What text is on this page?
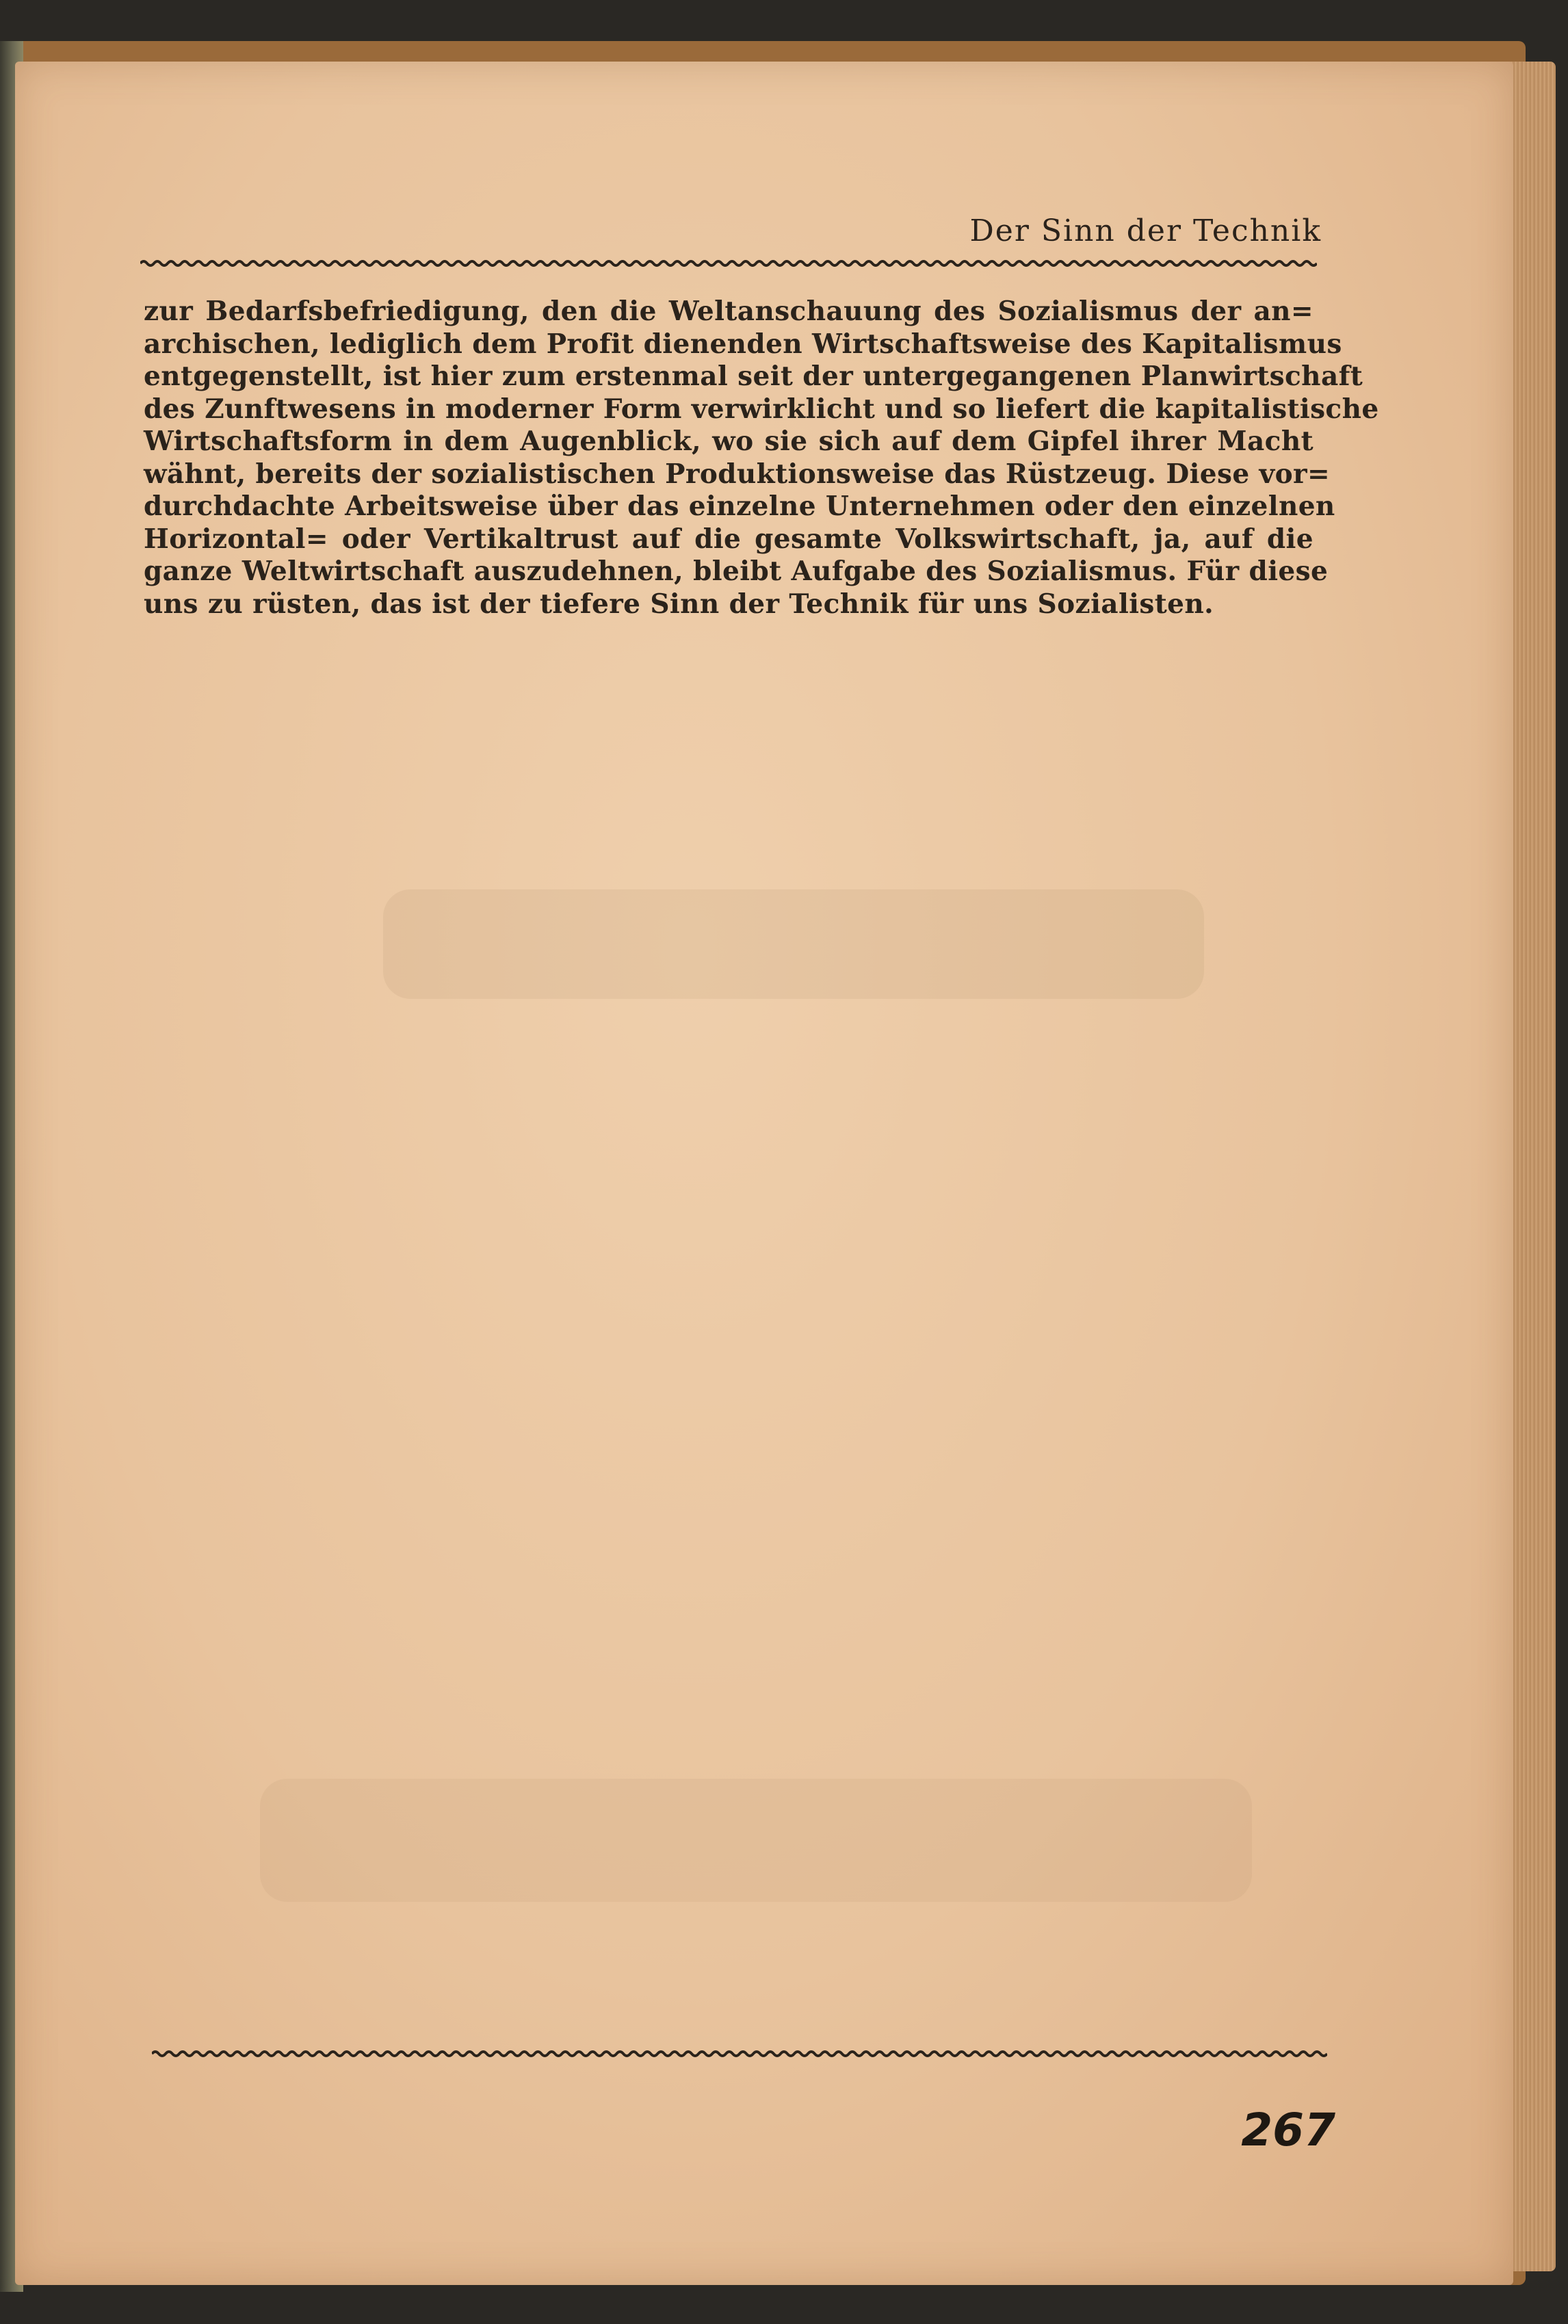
Der Sinn der Technik
zur Bedarfsbefriedigung, den die Weltanschauung des Sozialismus der an=
archischen, lediglich dem Profit dienenden Wirtschaftsweise des Kapitalismus
entgegenstellt, ist hier zum erstenmal seit der untergegangenen Planwirtschaft
des Zunftwesens in moderner Form verwirklicht und so liefert die kapitalistische
Wirtschaftsform in dem Augenblick, wo sie sich auf dem Gipfel ihrer Macht
wähnt, bereits der sozialistischen Produktionsweise das Rüstzeug. Diese vor=
durchdachte Arbeitsweise über das einzelne Unternehmen oder den einzelnen
Horizontal= oder Vertikaltrust auf die gesamte Volkswirtschaft, ja, auf die
ganze Weltwirtschaft auszudehnen, bleibt Aufgabe des Sozialismus. Für diese
uns zu rüsten, das ist der tiefere Sinn der Technik für uns Sozialisten.
267
